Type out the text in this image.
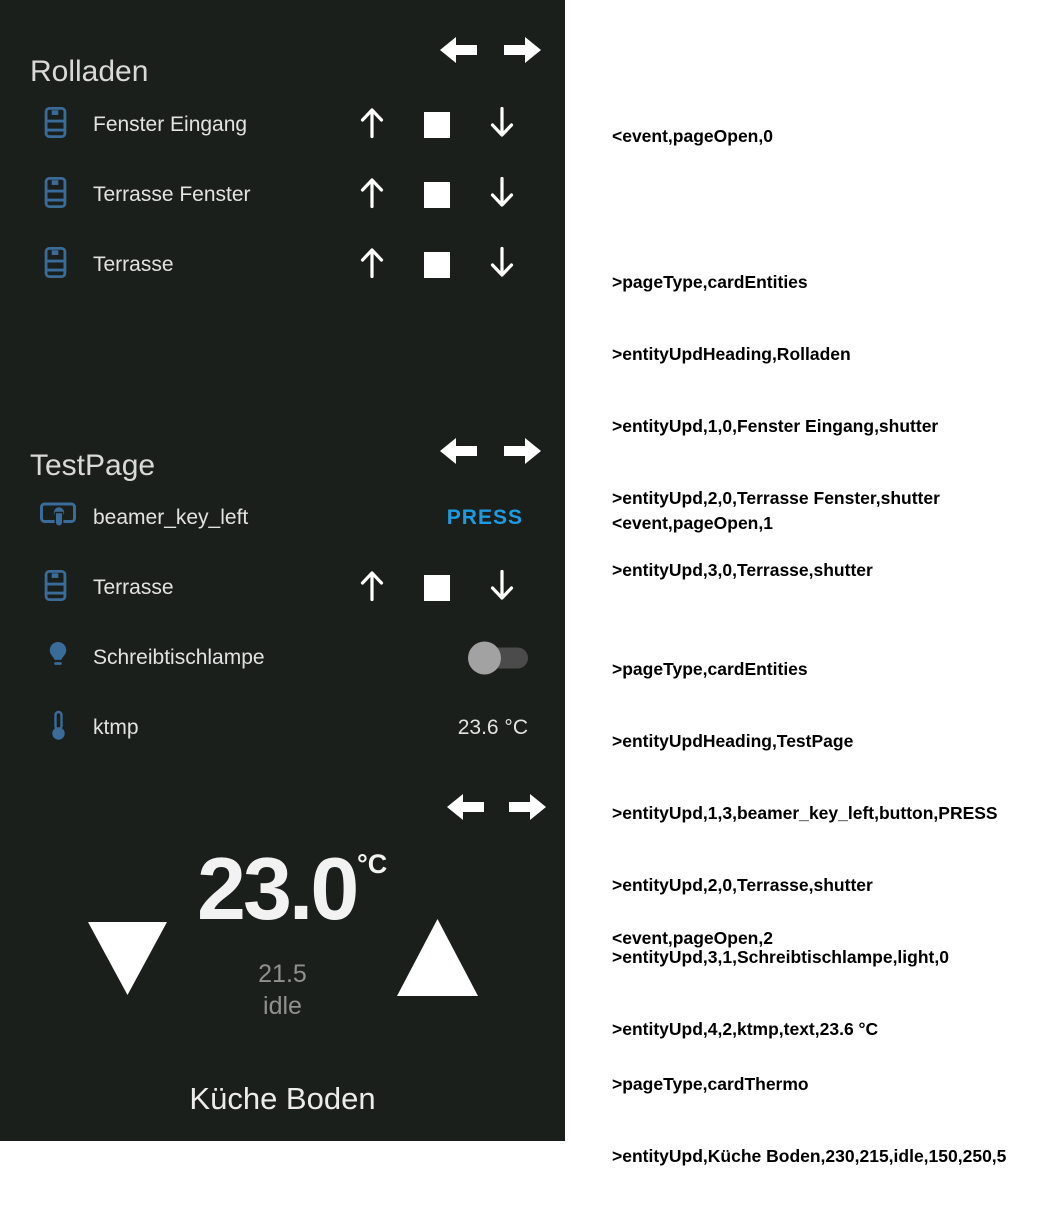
Rolladen
Fenster Eingang
Terrasse Fenster
Terrasse
TestPage
beamer_key_left	PRESS
Terrasse
Schreibtischlampe
ktmp	23.6 °C
23.0 °C
21.5
idle
Küche Boden

<event,pageOpen,0

>pageType,cardEntities

>entityUpdHeading,Rolladen

>entityUpd,1,0,Fenster Eingang,shutter

>entityUpd,2,0,Terrasse Fenster,shutter

>entityUpd,3,0,Terrasse,shutter

<event,pageOpen,1

>pageType,cardEntities

>entityUpdHeading,TestPage

>entityUpd,1,3,beamer_key_left,button,PRESS

>entityUpd,2,0,Terrasse,shutter

>entityUpd,3,1,Schreibtischlampe,light,0

>entityUpd,4,2,ktmp,text,23.6 °C

<event,pageOpen,2

>pageType,cardThermo

>entityUpd,Küche Boden,230,215,idle,150,250,5
